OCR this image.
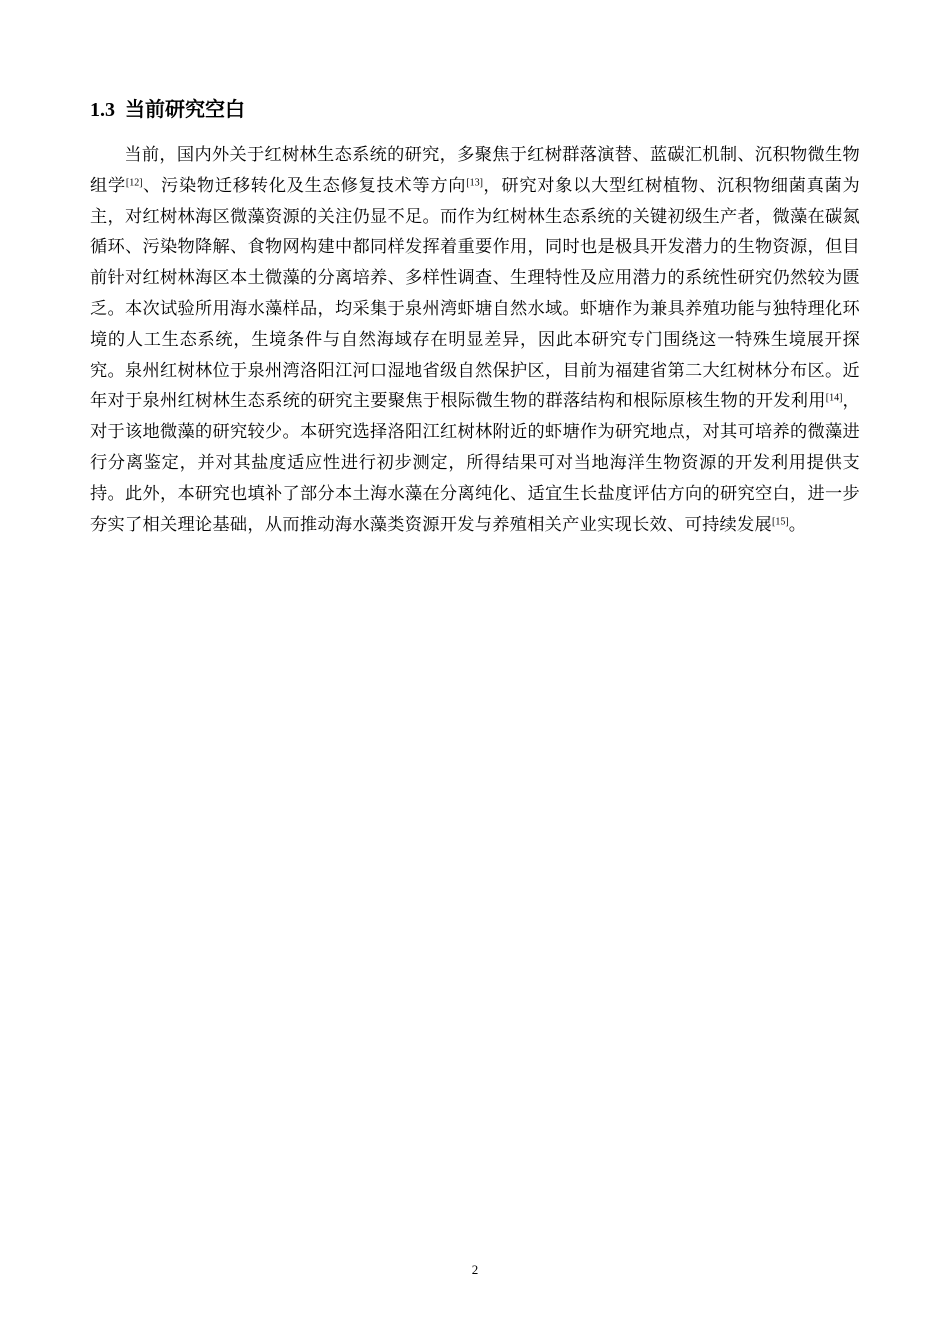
1.3 当前研究空白

当前，国内外关于红树林生态系统的研究，多聚焦于红树群落演替、蓝碳汇机制、沉积物微生物组学[12]、污染物迁移转化及生态修复技术等方向[13]，研究对象以大型红树植物、沉积物细菌真菌为主，对红树林海区微藻资源的关注仍显不足。而作为红树林生态系统的关键初级生产者，微藻在碳氮循环、污染物降解、食物网构建中都同样发挥着重要作用，同时也是极具开发潜力的生物资源，但目前针对红树林海区本土微藻的分离培养、多样性调查、生理特性及应用潜力的系统性研究仍然较为匮乏。本次试验所用海水藻样品，均采集于泉州湾虾塘自然水域。虾塘作为兼具养殖功能与独特理化环境的人工生态系统，生境条件与自然海域存在明显差异，因此本研究专门围绕这一特殊生境展开探究。泉州红树林位于泉州湾洛阳江河口湿地省级自然保护区，目前为福建省第二大红树林分布区。近年对于泉州红树林生态系统的研究主要聚焦于根际微生物的群落结构和根际原核生物的开发利用[14]，对于该地微藻的研究较少。本研究选择洛阳江红树林附近的虾塘作为研究地点，对其可培养的微藻进行分离鉴定，并对其盐度适应性进行初步测定，所得结果可对当地海洋生物资源的开发利用提供支持。此外，本研究也填补了部分本土海水藻在分离纯化、适宜生长盐度评估方向的研究空白，进一步夯实了相关理论基础，从而推动海水藻类资源开发与养殖相关产业实现长效、可持续发展[15]。

2
